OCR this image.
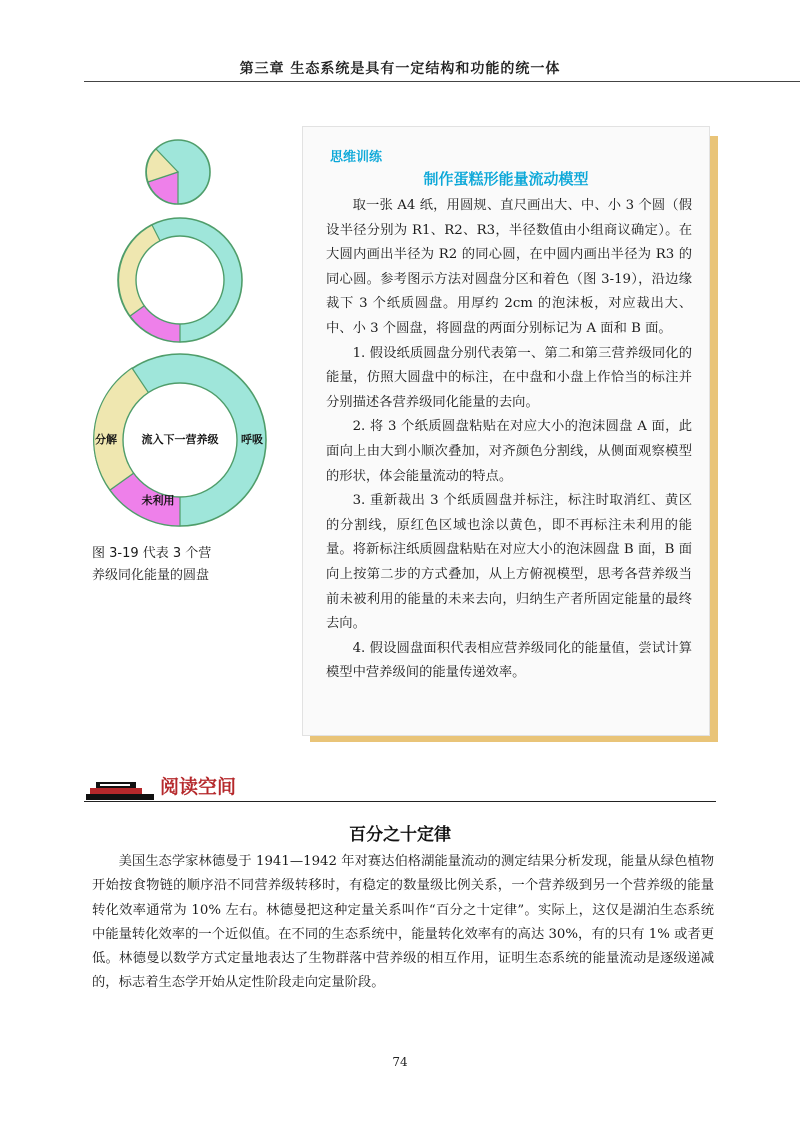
第三章 生态系统是具有一定结构和功能的统一体
流入下一营养级
分解	呼吸
未利用
图 3-19 代表 3 个营
养级同化能量的圆盘
思维训练
制作蛋糕形能量流动模型

取一张 A4 纸，用圆规、直尺画出大、中、小 3 个圆（假设半径分别为 R1、R2、R3，半径数值由小组商议确定）。在大圆内画出半径为 R2 的同心圆，在中圆内画出半径为 R3 的同心圆。参考图示方法对圆盘分区和着色（图 3-19），沿边缘裁下 3 个纸质圆盘。用厚约 2cm 的泡沫板，对应裁出大、中、小 3 个圆盘，将圆盘的两面分别标记为 A 面和 B 面。

1. 假设纸质圆盘分别代表第一、第二和第三营养级同化的能量，仿照大圆盘中的标注，在中盘和小盘上作恰当的标注并分别描述各营养级同化能量的去向。

2. 将 3 个纸质圆盘粘贴在对应大小的泡沫圆盘 A 面，此面向上由大到小顺次叠加，对齐颜色分割线，从侧面观察模型的形状，体会能量流动的特点。

3. 重新裁出 3 个纸质圆盘并标注，标注时取消红、黄区的分割线，原红色区域也涂以黄色，即不再标注未利用的能量。将新标注纸质圆盘粘贴在对应大小的泡沫圆盘 B 面，B 面向上按第二步的方式叠加，从上方俯视模型，思考各营养级当前未被利用的能量的未来去向，归纳生产者所固定能量的最终去向。

4. 假设圆盘面积代表相应营养级同化的能量值，尝试计算模型中营养级间的能量传递效率。

阅读空间
百分之十定律

美国生态学家林德曼于 1941—1942 年对赛达伯格湖能量流动的测定结果分析发现，能量从绿色植物开始按食物链的顺序沿不同营养级转移时，有稳定的数量级比例关系，一个营养级到另一个营养级的能量转化效率通常为 10% 左右。林德曼把这种定量关系叫作“百分之十定律”。实际上，这仅是湖泊生态系统中能量转化效率的一个近似值。在不同的生态系统中，能量转化效率有的高达 30%，有的只有 1% 或者更低。林德曼以数学方式定量地表达了生物群落中营养级的相互作用，证明生态系统的能量流动是逐级递减的，标志着生态学开始从定性阶段走向定量阶段。

74
